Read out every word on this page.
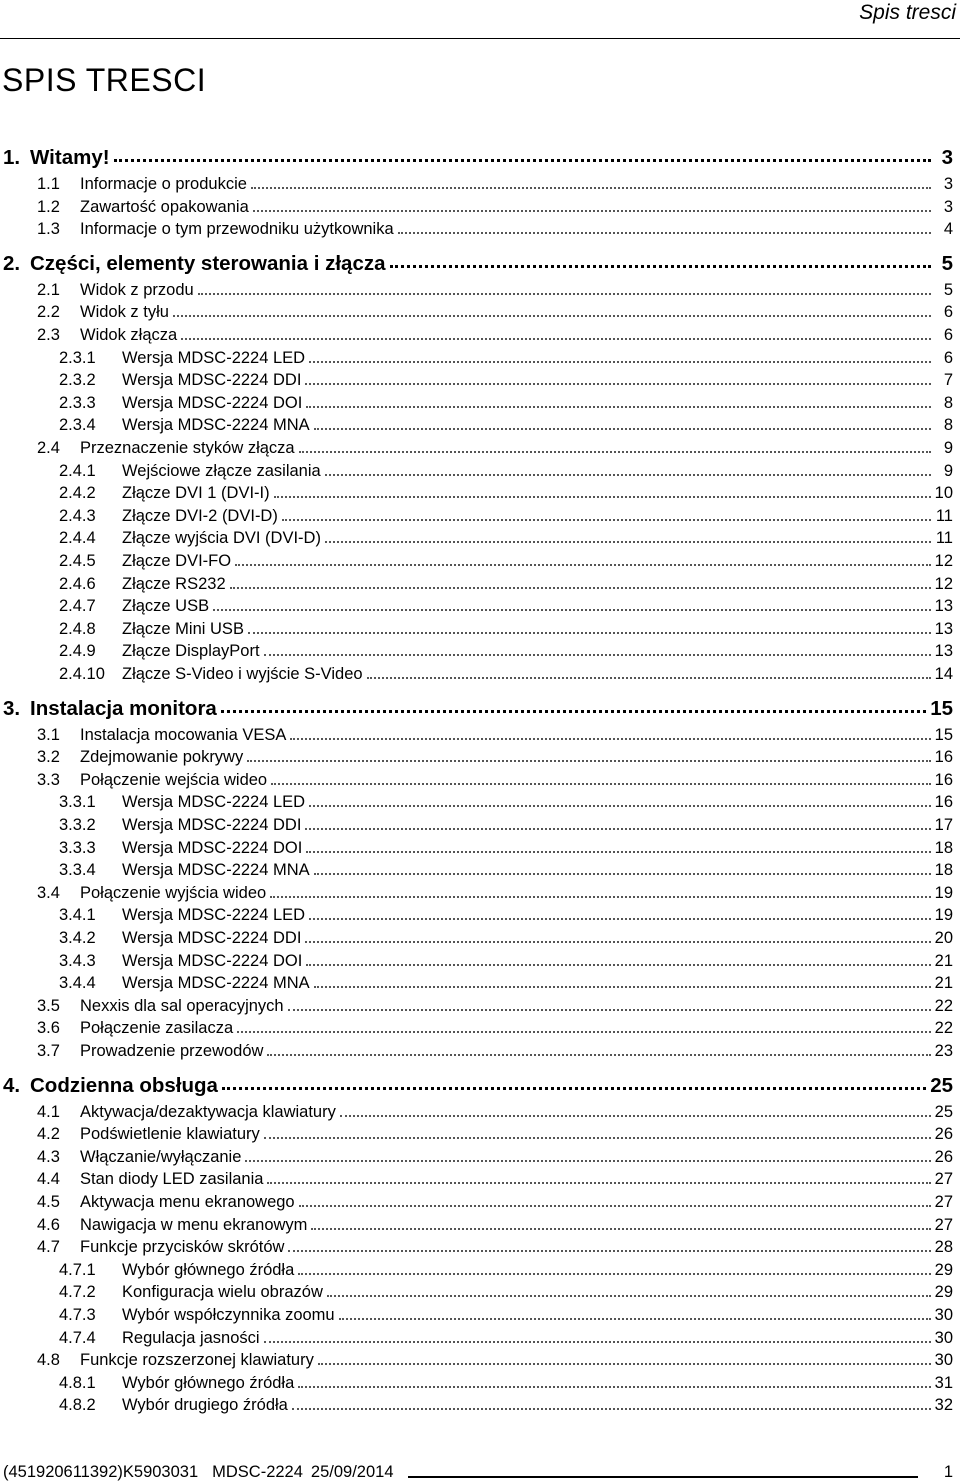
Spis tresci
SPIS TRESCI
1. Witamy!	3
1.1 Informacje o produkcie	3
1.2 Zawartość opakowania	3
1.3 Informacje o tym przewodniku użytkownika	4
2. Części, elementy sterowania i złącza	5
2.1 Widok z przodu	5
2.2 Widok z tyłu	6
2.3 Widok złącza	6
2.3.1 Wersja MDSC-2224 LED	6
2.3.2 Wersja MDSC-2224 DDI	7
2.3.3 Wersja MDSC-2224 DOI	8
2.3.4 Wersja MDSC-2224 MNA	8
2.4 Przeznaczenie styków złącza	9
2.4.1 Wejściowe złącze zasilania	9
2.4.2 Złącze DVI 1 (DVI-I)	10
2.4.3 Złącze DVI-2 (DVI-D)	11
2.4.4 Złącze wyjścia DVI (DVI-D)	11
2.4.5 Złącze DVI-FO	12
2.4.6 Złącze RS232	12
2.4.7 Złącze USB	13
2.4.8 Złącze Mini USB	13
2.4.9 Złącze DisplayPort	13
2.4.10 Złącze S-Video i wyjście S-Video	14
3. Instalacja monitora	15
3.1 Instalacja mocowania VESA	15
3.2 Zdejmowanie pokrywy	16
3.3 Połączenie wejścia wideo	16
3.3.1 Wersja MDSC-2224 LED	16
3.3.2 Wersja MDSC-2224 DDI	17
3.3.3 Wersja MDSC-2224 DOI	18
3.3.4 Wersja MDSC-2224 MNA	18
3.4 Połączenie wyjścia wideo	19
3.4.1 Wersja MDSC-2224 LED	19
3.4.2 Wersja MDSC-2224 DDI	20
3.4.3 Wersja MDSC-2224 DOI	21
3.4.4 Wersja MDSC-2224 MNA	21
3.5 Nexxis dla sal operacyjnych	22
3.6 Połączenie zasilacza	22
3.7 Prowadzenie przewodów	23
4. Codzienna obsługa	25
4.1 Aktywacja/dezaktywacja klawiatury	25
4.2 Podświetlenie klawiatury	26
4.3 Włączanie/wyłączanie	26
4.4 Stan diody LED zasilania	27
4.5 Aktywacja menu ekranowego	27
4.6 Nawigacja w menu ekranowym	27
4.7 Funkcje przycisków skrótów	28
4.7.1 Wybór głównego źródła	29
4.7.2 Konfiguracja wielu obrazów	29
4.7.3 Wybór współczynnika zoomu	30
4.7.4 Regulacja jasności	30
4.8 Funkcje rozszerzonej klawiatury	30
4.8.1 Wybór głównego źródła	31
4.8.2 Wybór drugiego źródła	32
(451920611392)K5903031 MDSC-2224 25/09/2014	1
